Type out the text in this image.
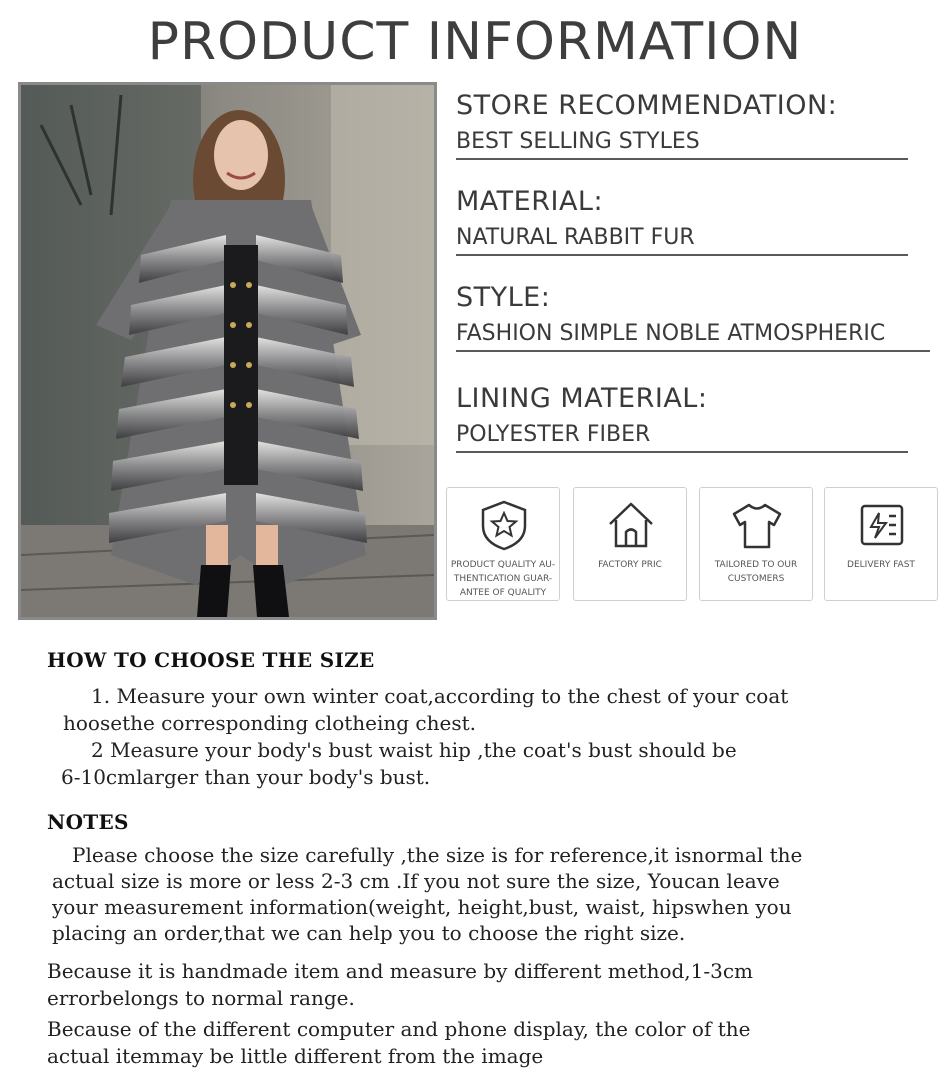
PRODUCT INFORMATION
STORE RECOMMENDATION:
BEST SELLING STYLES
MATERIAL:
NATURAL RABBIT FUR
STYLE:
FASHION SIMPLE NOBLE ATMOSPHERIC
LINING MATERIAL:
POLYESTER FIBER
PRODUCT QUALITY AU-
THENTICATION GUAR-
ANTEE OF QUALITY
FACTORY PRIC	TAILORED TO OUR
CUSTOMERS
DELIVERY FAST
HOW TO CHOOSE THE SIZE
1. Measure your own winter coat,according to the chest of your coat
hoosethe corresponding clotheing chest.
2 Measure your body's bust waist hip ,the coat's bust should be
6-10cmlarger than your body's bust.
NOTES
Please choose the size carefully ,the size is for reference,it isnormal the
actual size is more or less 2-3 cm .If you not sure the size, Youcan leave
your measurement information(weight, height,bust, waist, hipswhen you
placing an order,that we can help you to choose the right size.
Because it is handmade item and measure by different method,1-3cm
errorbelongs to normal range.
Because of the different computer and phone display, the color of the
actual itemmay be little different from the image
